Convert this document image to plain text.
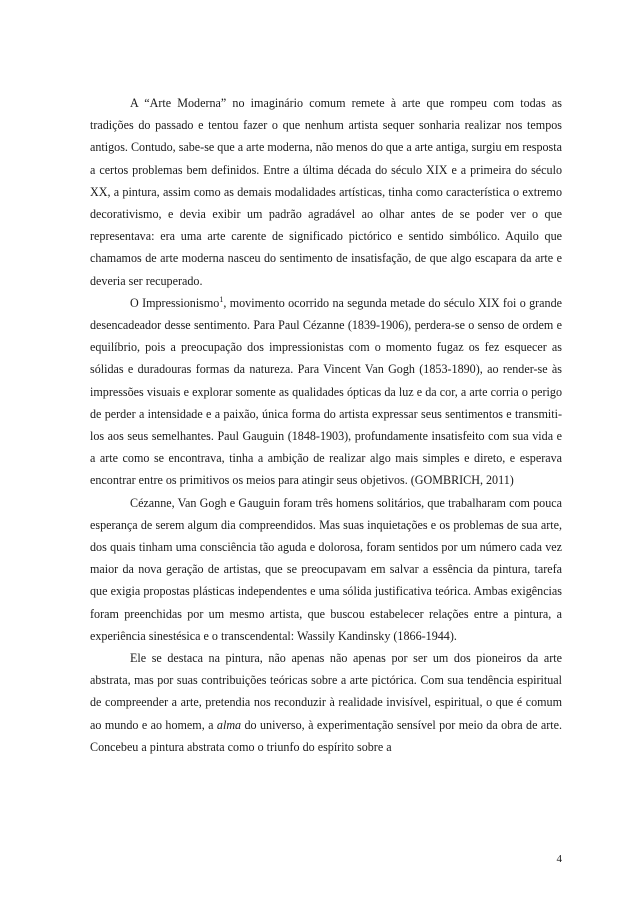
A “Arte Moderna” no imaginário comum remete à arte que rompeu com todas as tradições do passado e tentou fazer o que nenhum artista sequer sonharia realizar nos tempos antigos. Contudo, sabe-se que a arte moderna, não menos do que a arte antiga, surgiu em resposta a certos problemas bem definidos. Entre a última década do século XIX e a primeira do século XX, a pintura, assim como as demais modalidades artísticas, tinha como característica o extremo decorativismo, e devia exibir um padrão agradável ao olhar antes de se poder ver o que representava: era uma arte carente de significado pictórico e sentido simbólico. Aquilo que chamamos de arte moderna nasceu do sentimento de insatisfação, de que algo escapara da arte e deveria ser recuperado.

O Impressionismo$^1$, movimento ocorrido na segunda metade do século XIX foi o grande desencadeador desse sentimento. Para Paul Cézanne (1839-1906), perdera-se o senso de ordem e equilíbrio, pois a preocupação dos impressionistas com o momento fugaz os fez esquecer as sólidas e duradouras formas da natureza. Para Vincent Van Gogh (1853-1890), ao render-se às impressões visuais e explorar somente as qualidades ópticas da luz e da cor, a arte corria o perigo de perder a intensidade e a paixão, única forma do artista expressar seus sentimentos e transmiti-los aos seus semelhantes. Paul Gauguin (1848-1903), profundamente insatisfeito com sua vida e a arte como se encontrava, tinha a ambição de realizar algo mais simples e direto, e esperava encontrar entre os primitivos os meios para atingir seus objetivos. (GOMBRICH, 2011)

Cézanne, Van Gogh e Gauguin foram três homens solitários, que trabalharam com pouca esperança de serem algum dia compreendidos. Mas suas inquietações e os problemas de sua arte, dos quais tinham uma consciência tão aguda e dolorosa, foram sentidos por um número cada vez maior da nova geração de artistas, que se preocupavam em salvar a essência da pintura, tarefa que exigia propostas plásticas independentes e uma sólida justificativa teórica. Ambas exigências foram preenchidas por um mesmo artista, que buscou estabelecer relações entre a pintura, a experiência sinestésica e o transcendental: Wassily Kandinsky (1866-1944).

Ele se destaca na pintura, não apenas não apenas por ser um dos pioneiros da arte abstrata, mas por suas contribuições teóricas sobre a arte pictórica. Com sua tendência espiritual de compreender a arte, pretendia nos reconduzir à realidade invisível, espiritual, o que é comum ao mundo e ao homem, a alma do universo, à experimentação sensível por meio da obra de arte. Concebeu a pintura abstrata como o triunfo do espírito sobre a

4
